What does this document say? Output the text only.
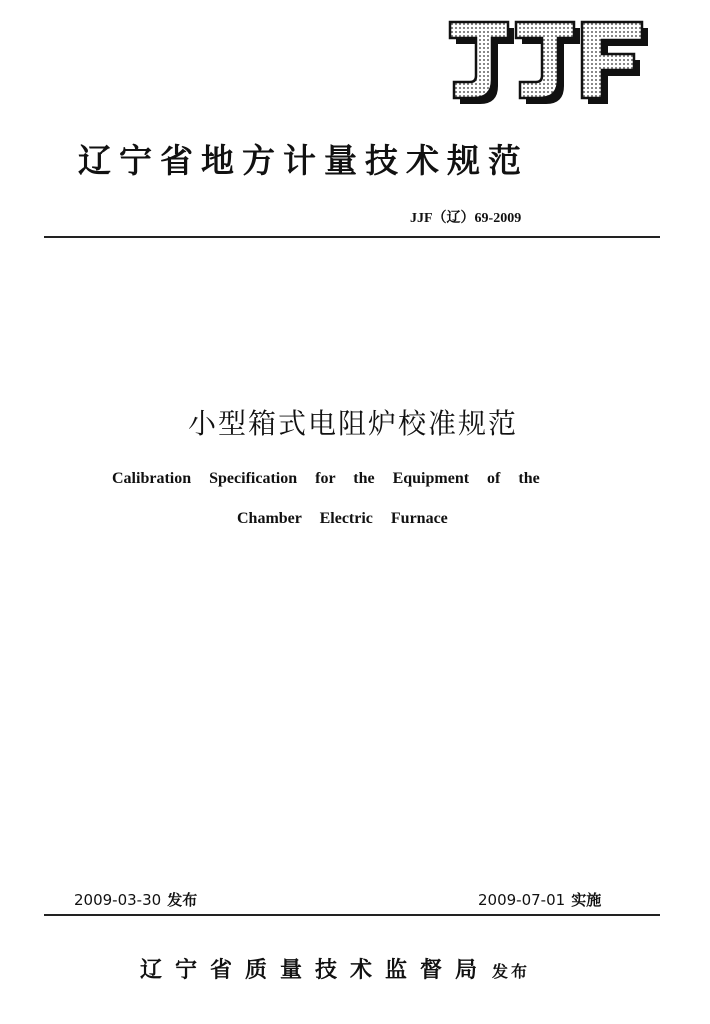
辽宁省地方计量技术规范
JJF（辽）69-2009
小型箱式电阻炉校准规范
Calibration Specification for the Equipment of the
Chamber Electric Furnace
2009-03-30 发布	2009-07-01 实施
辽宁省质量技术监督局 发布
